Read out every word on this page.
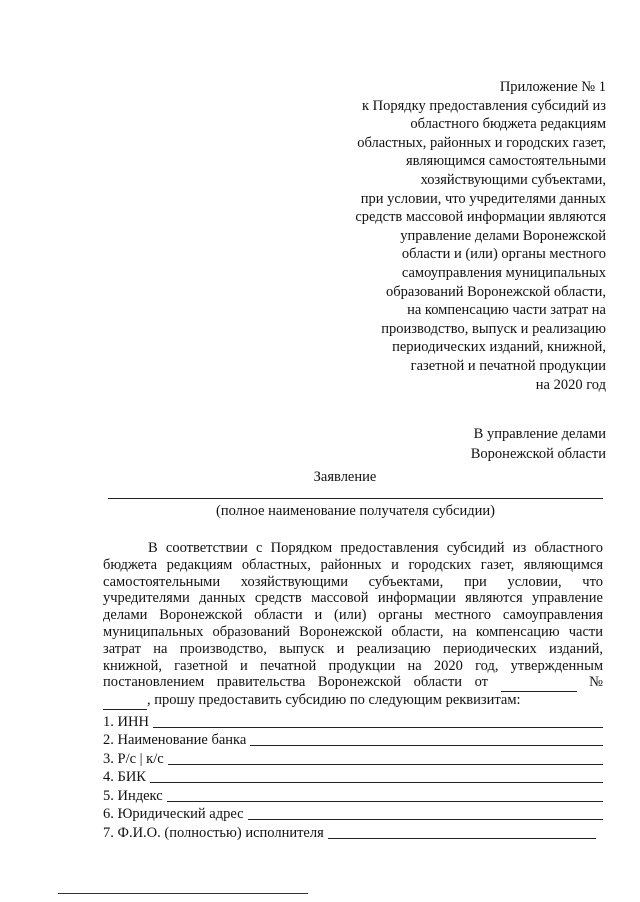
Приложение № 1
к Порядку предоставления субсидий из
областного бюджета редакциям
областных, районных и городских газет,
являющимся самостоятельными
хозяйствующими субъектами,
при условии, что учредителями данных
средств массовой информации являются
управление делами Воронежской
области и (или) органы местного
самоуправления муниципальных
образований Воронежской области,
на компенсацию части затрат на
производство, выпуск и реализацию
периодических изданий, книжной,
газетной и печатной продукции
на 2020 год
В управление делами
Воронежской области
Заявление
(полное наименование получателя субсидии)
В соответствии с Порядком предоставления субсидий из областного
бюджета редакциям областных, районных и городских газет, являющимся
самостоятельными хозяйствующими субъектами, при условии, что
учредителями данных средств массовой информации являются управление
делами Воронежской области и (или) органы местного самоуправления
муниципальных образований Воронежской области, на компенсацию части
затрат на производство, выпуск и реализацию периодических изданий,
книжной, газетной и печатной продукции на 2020 год, утвержденным
постановлением правительства Воронежской области от	№
, прошу предоставить субсидию по следующим реквизитам:
1. ИНН
2. Наименование банка
3. Р/с | к/с
4. БИК
5. Индекс
6. Юридический адрес
7. Ф.И.О. (полностью) исполнителя
